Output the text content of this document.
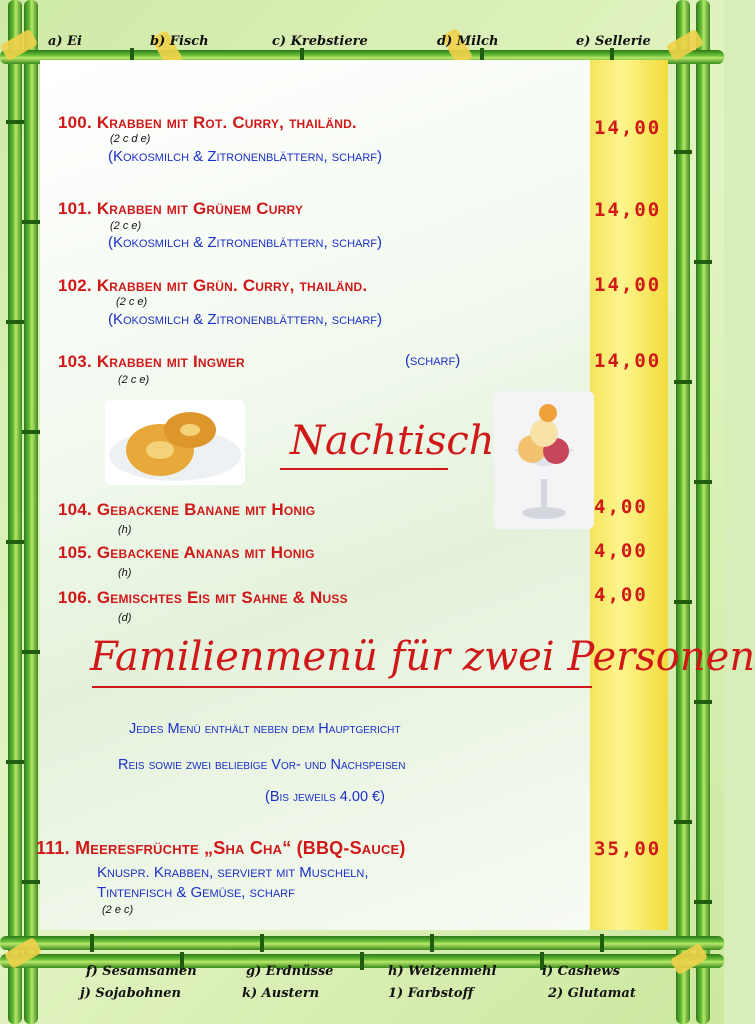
a) Ei	b) Fisch	c) Krebstiere	d) Milch	e) Sellerie
100. Krabben mit Rot. Curry, thailänd.
(2 c d e)
(Kokosmilch & Zitronenblättern, scharf)
14,00
101. Krabben mit Grünem Curry
(2 c e)
(Kokosmilch & Zitronenblättern, scharf)
14,00
102. Krabben mit Grün. Curry, thailänd.
(2 c e)
(Kokosmilch & Zitronenblättern, scharf)
14,00
103. Krabben mit Ingwer	(scharf)
(2 c e)
14,00
Nachtisch
104. Gebackene Banane mit Honig
(h)
4,00
105. Gebackene Ananas mit Honig
(h)
4,00
106. Gemischtes Eis mit Sahne & Nuss
(d)
4,00
Familienmenü für zwei Personen
Jedes Menü enthält neben dem Hauptgericht
Reis sowie zwei beliebige Vor- und Nachspeisen
(Bis jeweils 4.00 €)
111. Meeresfrüchte „Sha Cha“ (BBQ-Sauce)
Knuspr. Krabben, serviert mit Muscheln,
Tintenfisch & Gemüse, scharf
(2 e c)
35,00
f) Sesamsamen	g) Erdnüsse	h) Weizenmehl	i) Cashews
j) Sojabohnen	k) Austern	1) Farbstoff	2) Glutamat
